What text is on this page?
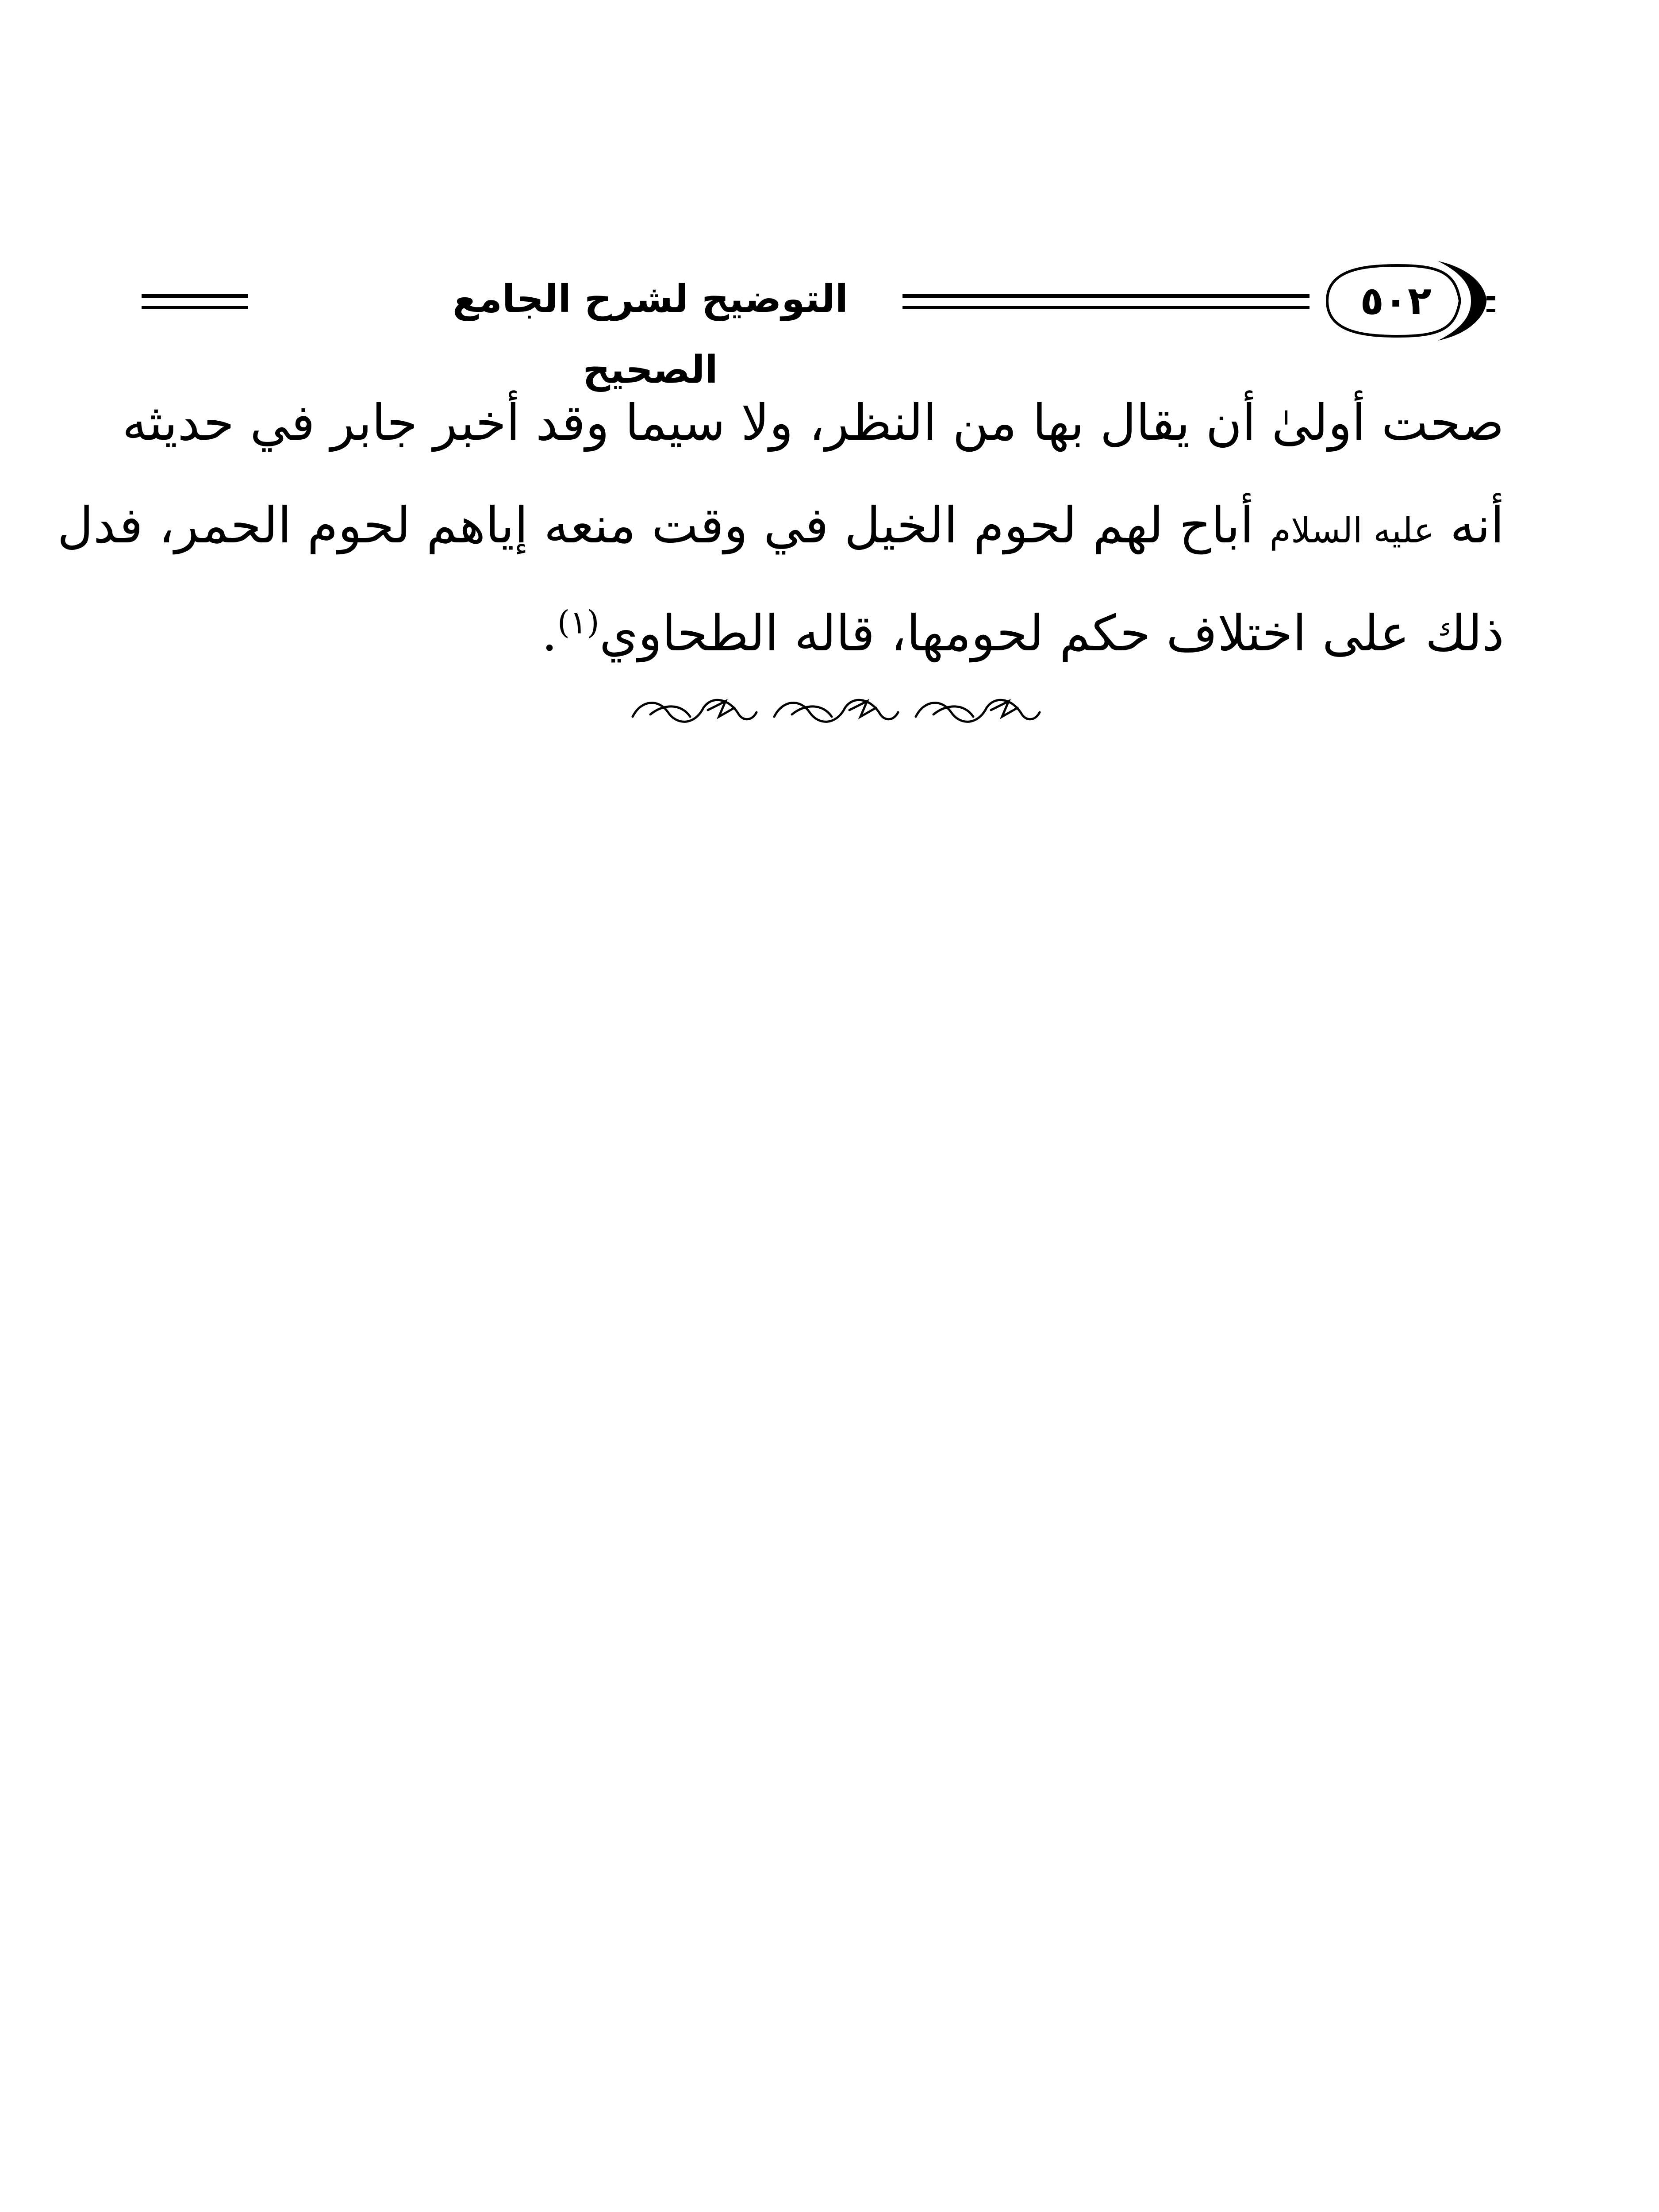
التوضيح لشرح الجامع الصحيح
٥٠٢
صحت أولىٰ أن يقال بها من النظر، ولا سيما وقد أخبر جابر في حديثه
أنه عليه السلام أباح لهم لحوم الخيل في وقت منعه إياهم لحوم الحمر، فدل
ذلك على اختلاف حكم لحومها، قاله الطحاوي$^{(١)}$.
